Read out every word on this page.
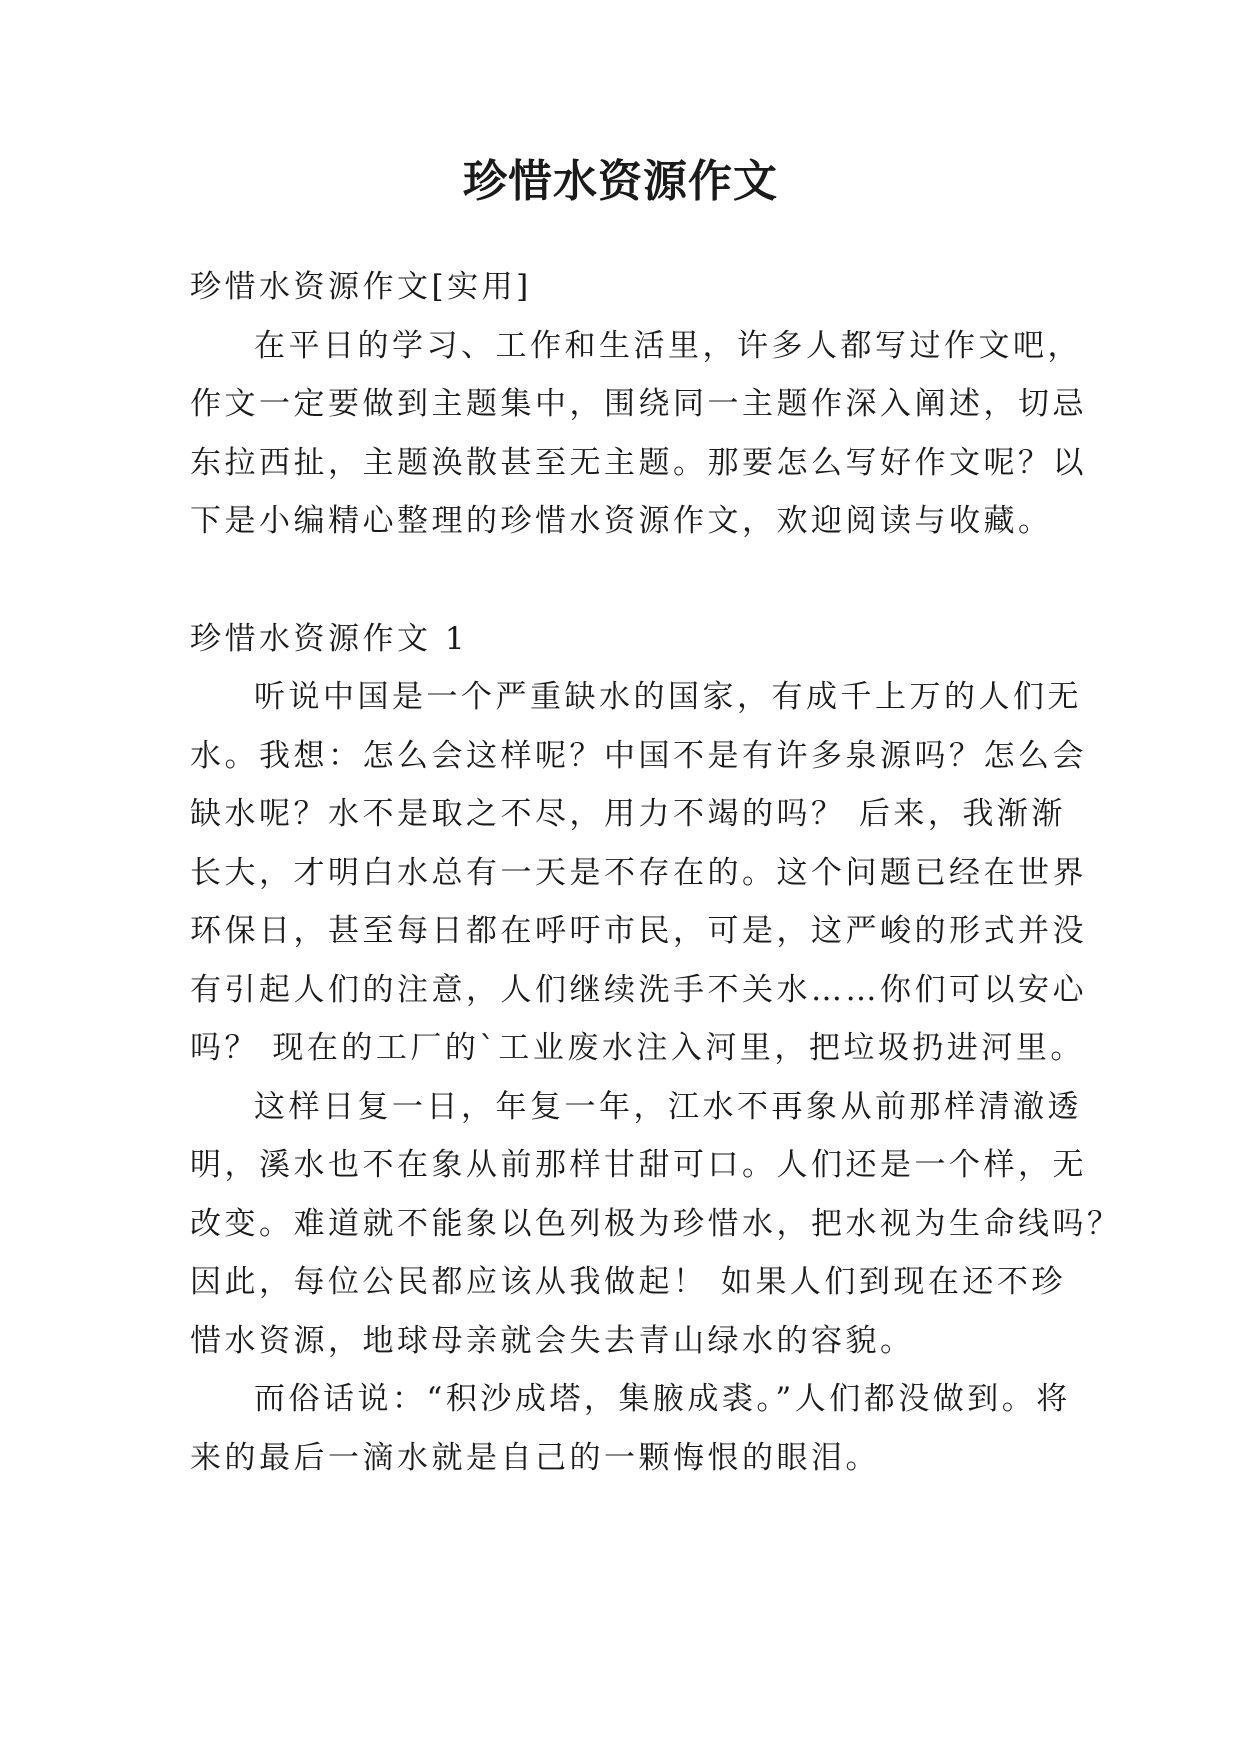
珍惜水资源作文

珍惜水资源作文[实用]

在平日的学习、工作和生活里，许多人都写过作文吧，

作文一定要做到主题集中，围绕同一主题作深入阐述，切忌

东拉西扯，主题涣散甚至无主题。那要怎么写好作文呢？以

下是小编精心整理的珍惜水资源作文，欢迎阅读与收藏。

珍惜水资源作文 1

听说中国是一个严重缺水的国家，有成千上万的人们无

水。我想：怎么会这样呢？中国不是有许多泉源吗？怎么会

缺水呢？水不是取之不尽，用力不竭的吗？ 后来，我渐渐

长大，才明白水总有一天是不存在的。这个问题已经在世界

环保日，甚至每日都在呼吁市民，可是，这严峻的形式并没

有引起人们的注意，人们继续洗手不关水……你们可以安心

吗？ 现在的工厂的`工业废水注入河里，把垃圾扔进河里。

这样日复一日，年复一年，江水不再象从前那样清澈透

明，溪水也不在象从前那样甘甜可口。人们还是一个样，无

改变。难道就不能象以色列极为珍惜水，把水视为生命线吗？

因此，每位公民都应该从我做起！ 如果人们到现在还不珍

惜水资源，地球母亲就会失去青山绿水的容貌。

而俗话说：“积沙成塔，集腋成裘。”人们都没做到。将

来的最后一滴水就是自己的一颗悔恨的眼泪。
